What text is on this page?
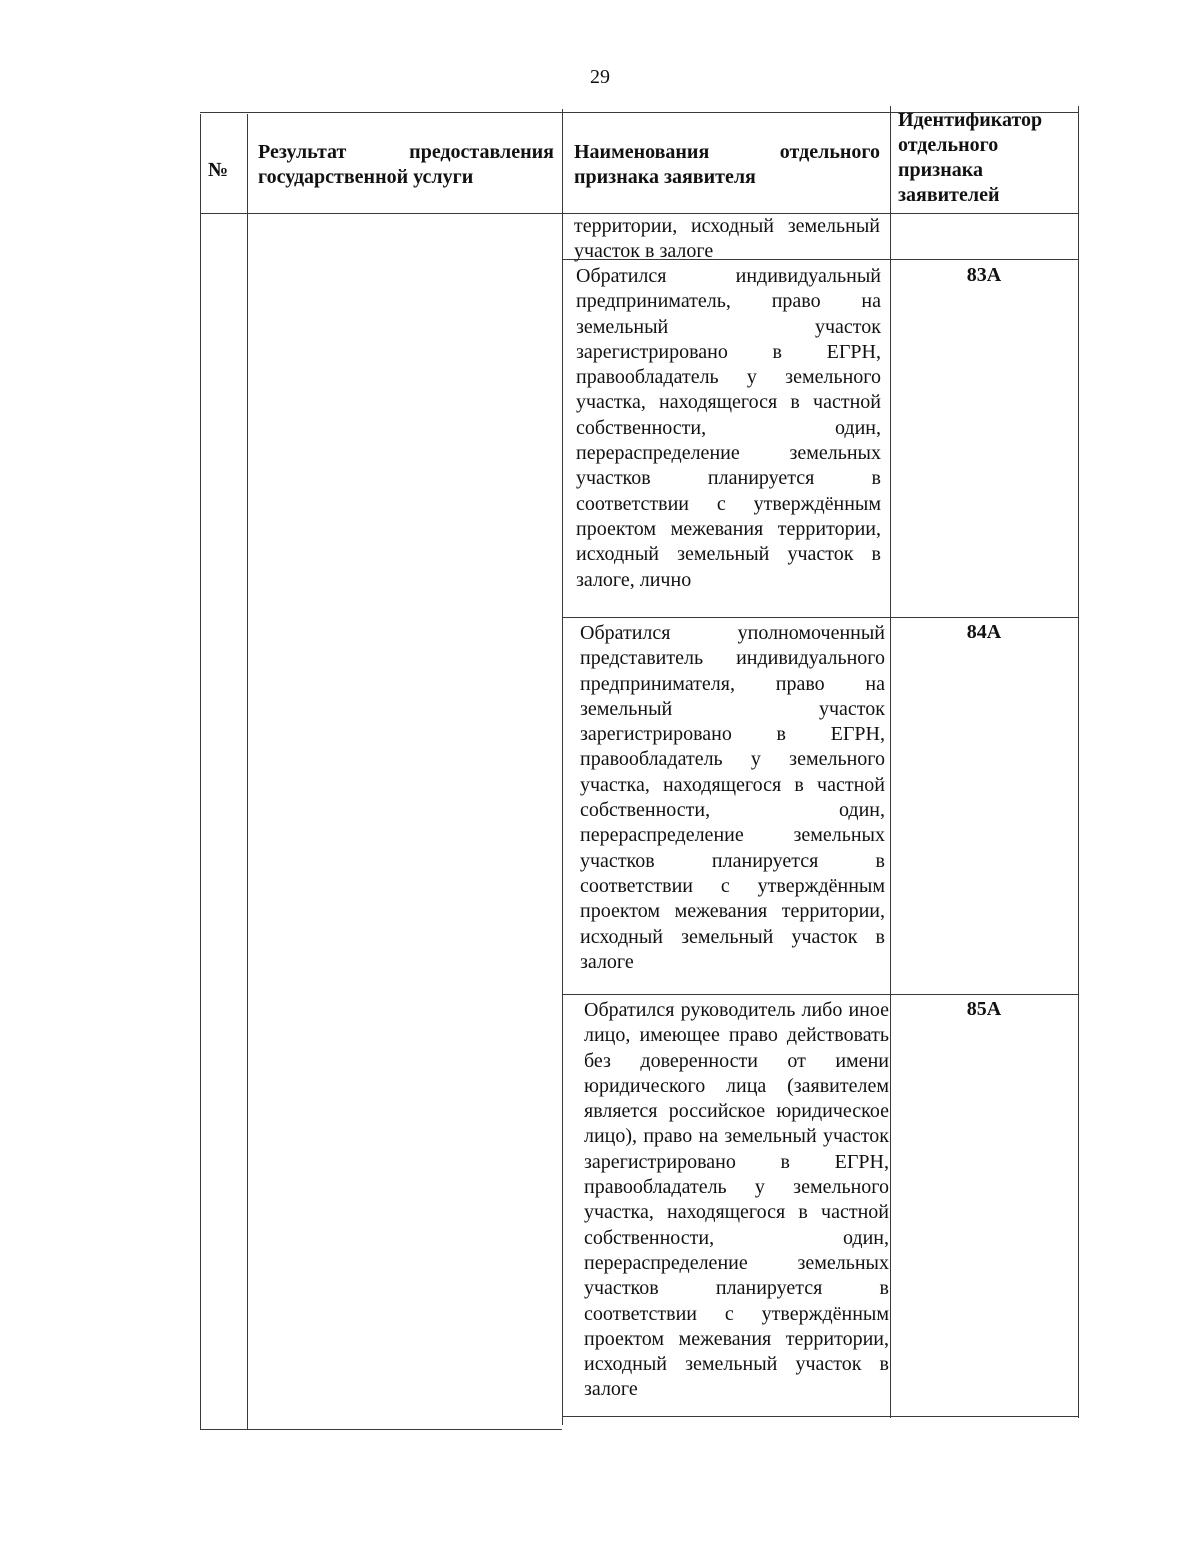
29
№
Результат предоставления государственной услуги
Наименования отдельного признака заявителя
Идентификатор отдельного признака заявителей
территории, исходный земельный участок в залоге
Обратился индивидуальный предприниматель, право на земельный участок зарегистрировано в ЕГРН, правообладатель у земельного участка, находящегося в частной собственности, один, перераспределение земельных участков планируется в соответствии с утверждённым проектом межевания территории, исходный земельный участок в залоге, лично
83А
Обратился уполномоченный представитель индивидуального предпринимателя, право на земельный участок зарегистрировано в ЕГРН, правообладатель у земельного участка, находящегося в частной собственности, один, перераспределение земельных участков планируется в соответствии с утверждённым проектом межевания территории, исходный земельный участок в залоге
84А
Обратился руководитель либо иное лицо, имеющее право действовать без доверенности от имени юридического лица (заявителем является российское юридическое лицо), право на земельный участок зарегистрировано в ЕГРН, правообладатель у земельного участка, находящегося в частной собственности, один, перераспределение земельных участков планируется в соответствии с утверждённым проектом межевания территории, исходный земельный участок в залоге
85А
